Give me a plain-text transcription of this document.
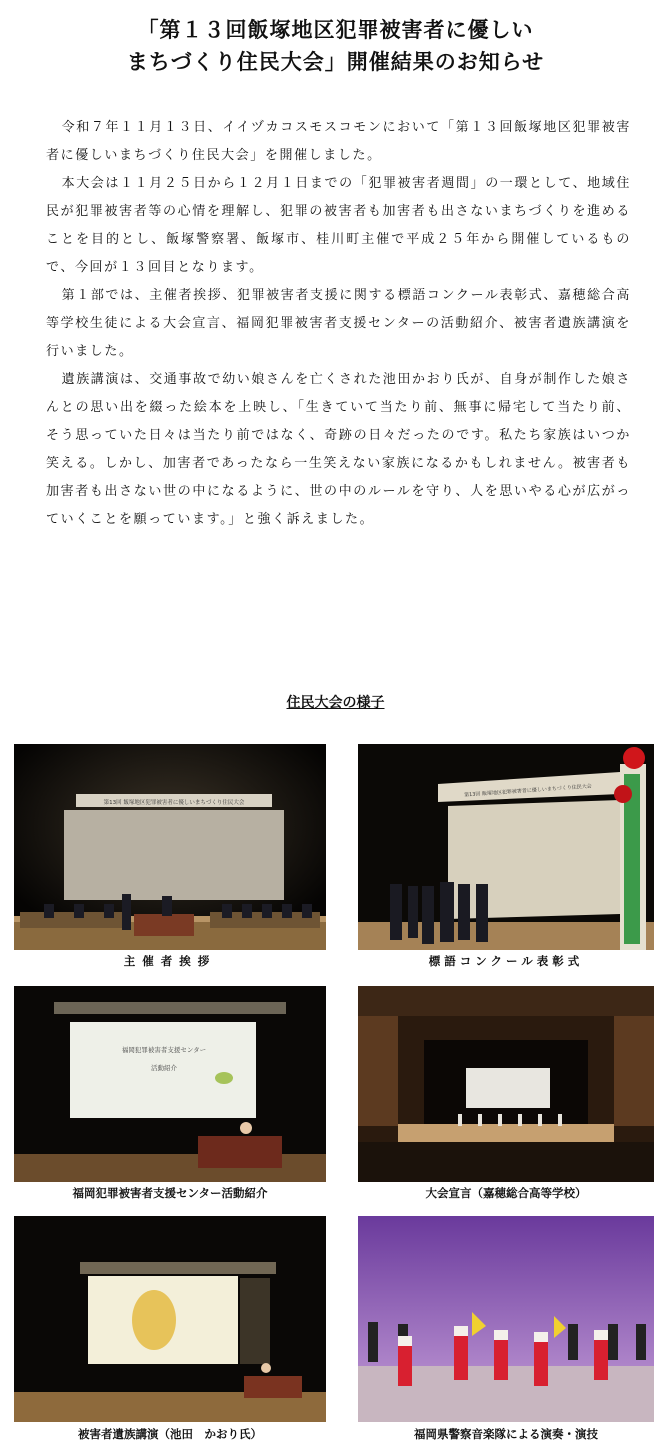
「第１３回飯塚地区犯罪被害者に優しい
まちづくり住民大会」開催結果のお知らせ

令和７年１１月１３日、イイヅカコスモスコモンにおいて「第１３回飯塚地区犯罪被害者に優しいまちづくり住民大会」を開催しました。

本大会は１１月２５日から１２月１日までの「犯罪被害者週間」の一環として、地域住民が犯罪被害者等の心情を理解し、犯罪の被害者も加害者も出さないまちづくりを進めることを目的とし、飯塚警察署、飯塚市、桂川町主催で平成２５年から開催しているもので、今回が１３回目となります。

第１部では、主催者挨拶、犯罪被害者支援に関する標語コンクール表彰式、嘉穂総合高等学校生徒による大会宣言、福岡犯罪被害者支援センターの活動紹介、被害者遺族講演を行いました。

遺族講演は、交通事故で幼い娘さんを亡くされた池田かおり氏が、自身が制作した娘さんとの思い出を綴った絵本を上映し、「生きていて当たり前、無事に帰宅して当たり前、そう思っていた日々は当たり前ではなく、奇跡の日々だったのです。私たち家族はいつか笑える。しかし、加害者であったなら一生笑えない家族になるかもしれません。被害者も加害者も出さない世の中になるように、世の中のルールを守り、人を思いやる心が広がっていくことを願っています。」と強く訴えました。

住民大会の様子
第13回 飯塚地区犯罪被害者に優しいまちづくり住民大会
主催者挨拶
第13回 飯塚地区犯罪被害者に優しいまちづくり住民大会
標語コンクール表彰式
福岡犯罪被害者支援センター
活動紹介
福岡犯罪被害者支援センター活動紹介	大会宣言（嘉穂総合高等学校）
被害者遺族講演（池田　かおり氏）	福岡県警察音楽隊による演奏・演技
